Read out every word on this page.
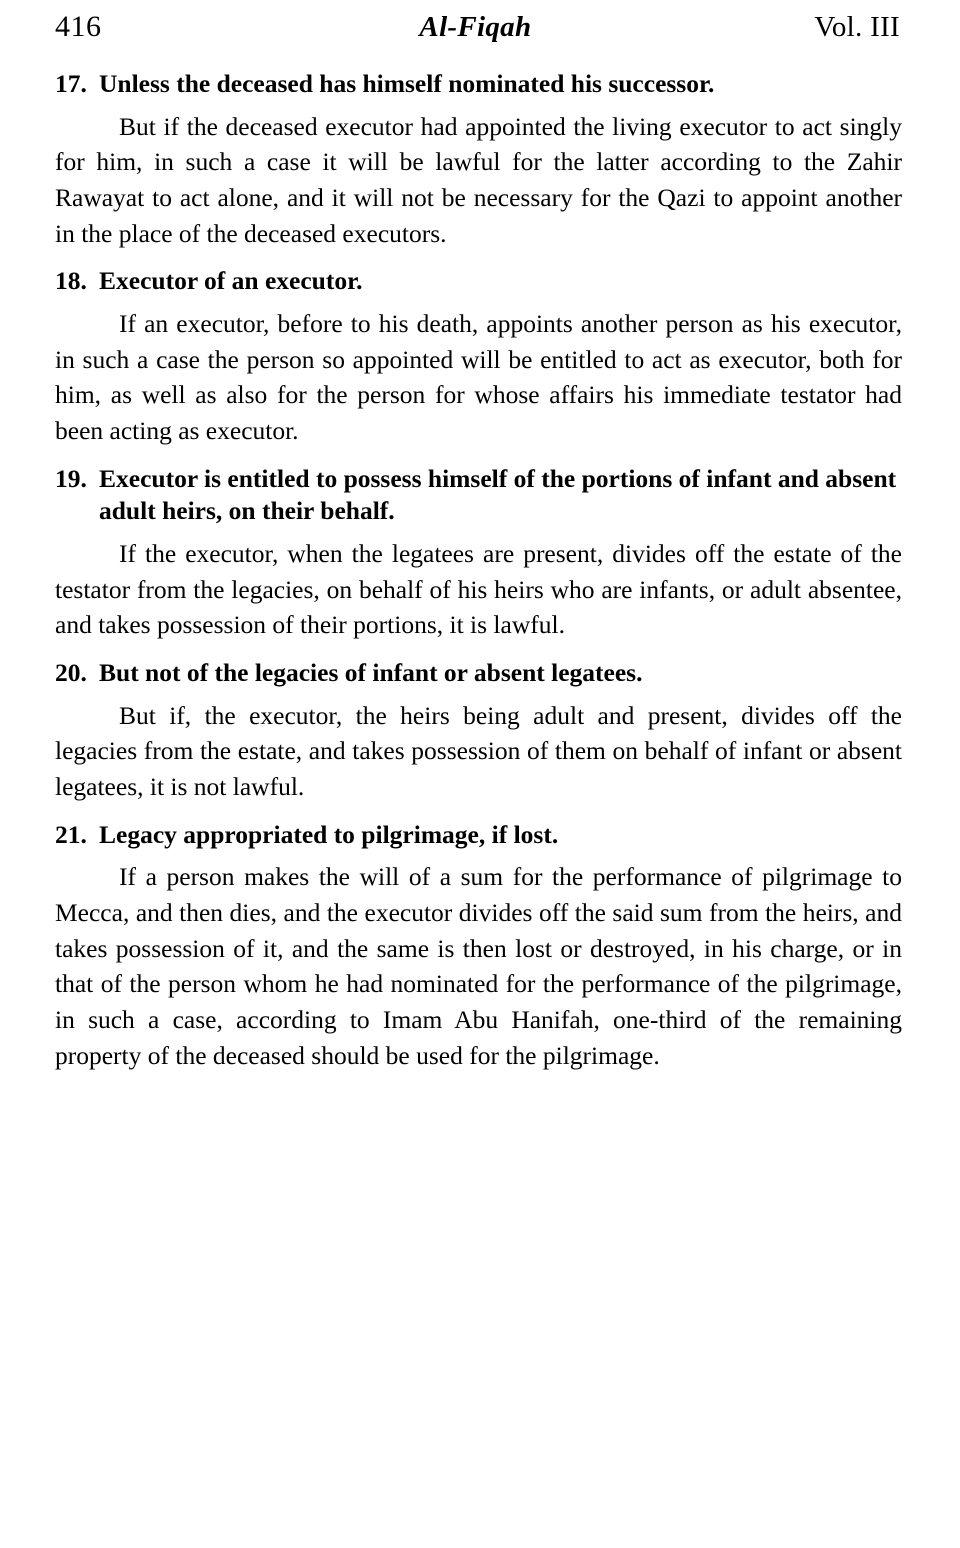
416	Al-Fiqah	Vol. III
17. Unless the deceased has himself nominated his successor.

But if the deceased executor had appointed the living executor to act singly for him, in such a case it will be lawful for the latter according to the Zahir Rawayat to act alone, and it will not be necessary for the Qazi to appoint another in the place of the deceased executors.

18. Executor of an executor.

If an executor, before to his death, appoints another person as his executor, in such a case the person so appointed will be entitled to act as executor, both for him, as well as also for the person for whose affairs his immediate testator had been acting as executor.

19. Executor is entitled to possess himself of the portions of infant and absent adult heirs, on their behalf.

If the executor, when the legatees are present, divides off the estate of the testator from the legacies, on behalf of his heirs who are infants, or adult absentee, and takes possession of their portions, it is lawful.

20. But not of the legacies of infant or absent legatees.

But if, the executor, the heirs being adult and present, divides off the legacies from the estate, and takes possession of them on behalf of infant or absent legatees, it is not lawful.

21. Legacy appropriated to pilgrimage, if lost.

If a person makes the will of a sum for the performance of pilgrimage to Mecca, and then dies, and the executor divides off the said sum from the heirs, and takes possession of it, and the same is then lost or destroyed, in his charge, or in that of the person whom he had nominated for the performance of the pilgrimage, in such a case, according to Imam Abu Hanifah, one-third of the remaining property of the deceased should be used for the pilgrimage.
